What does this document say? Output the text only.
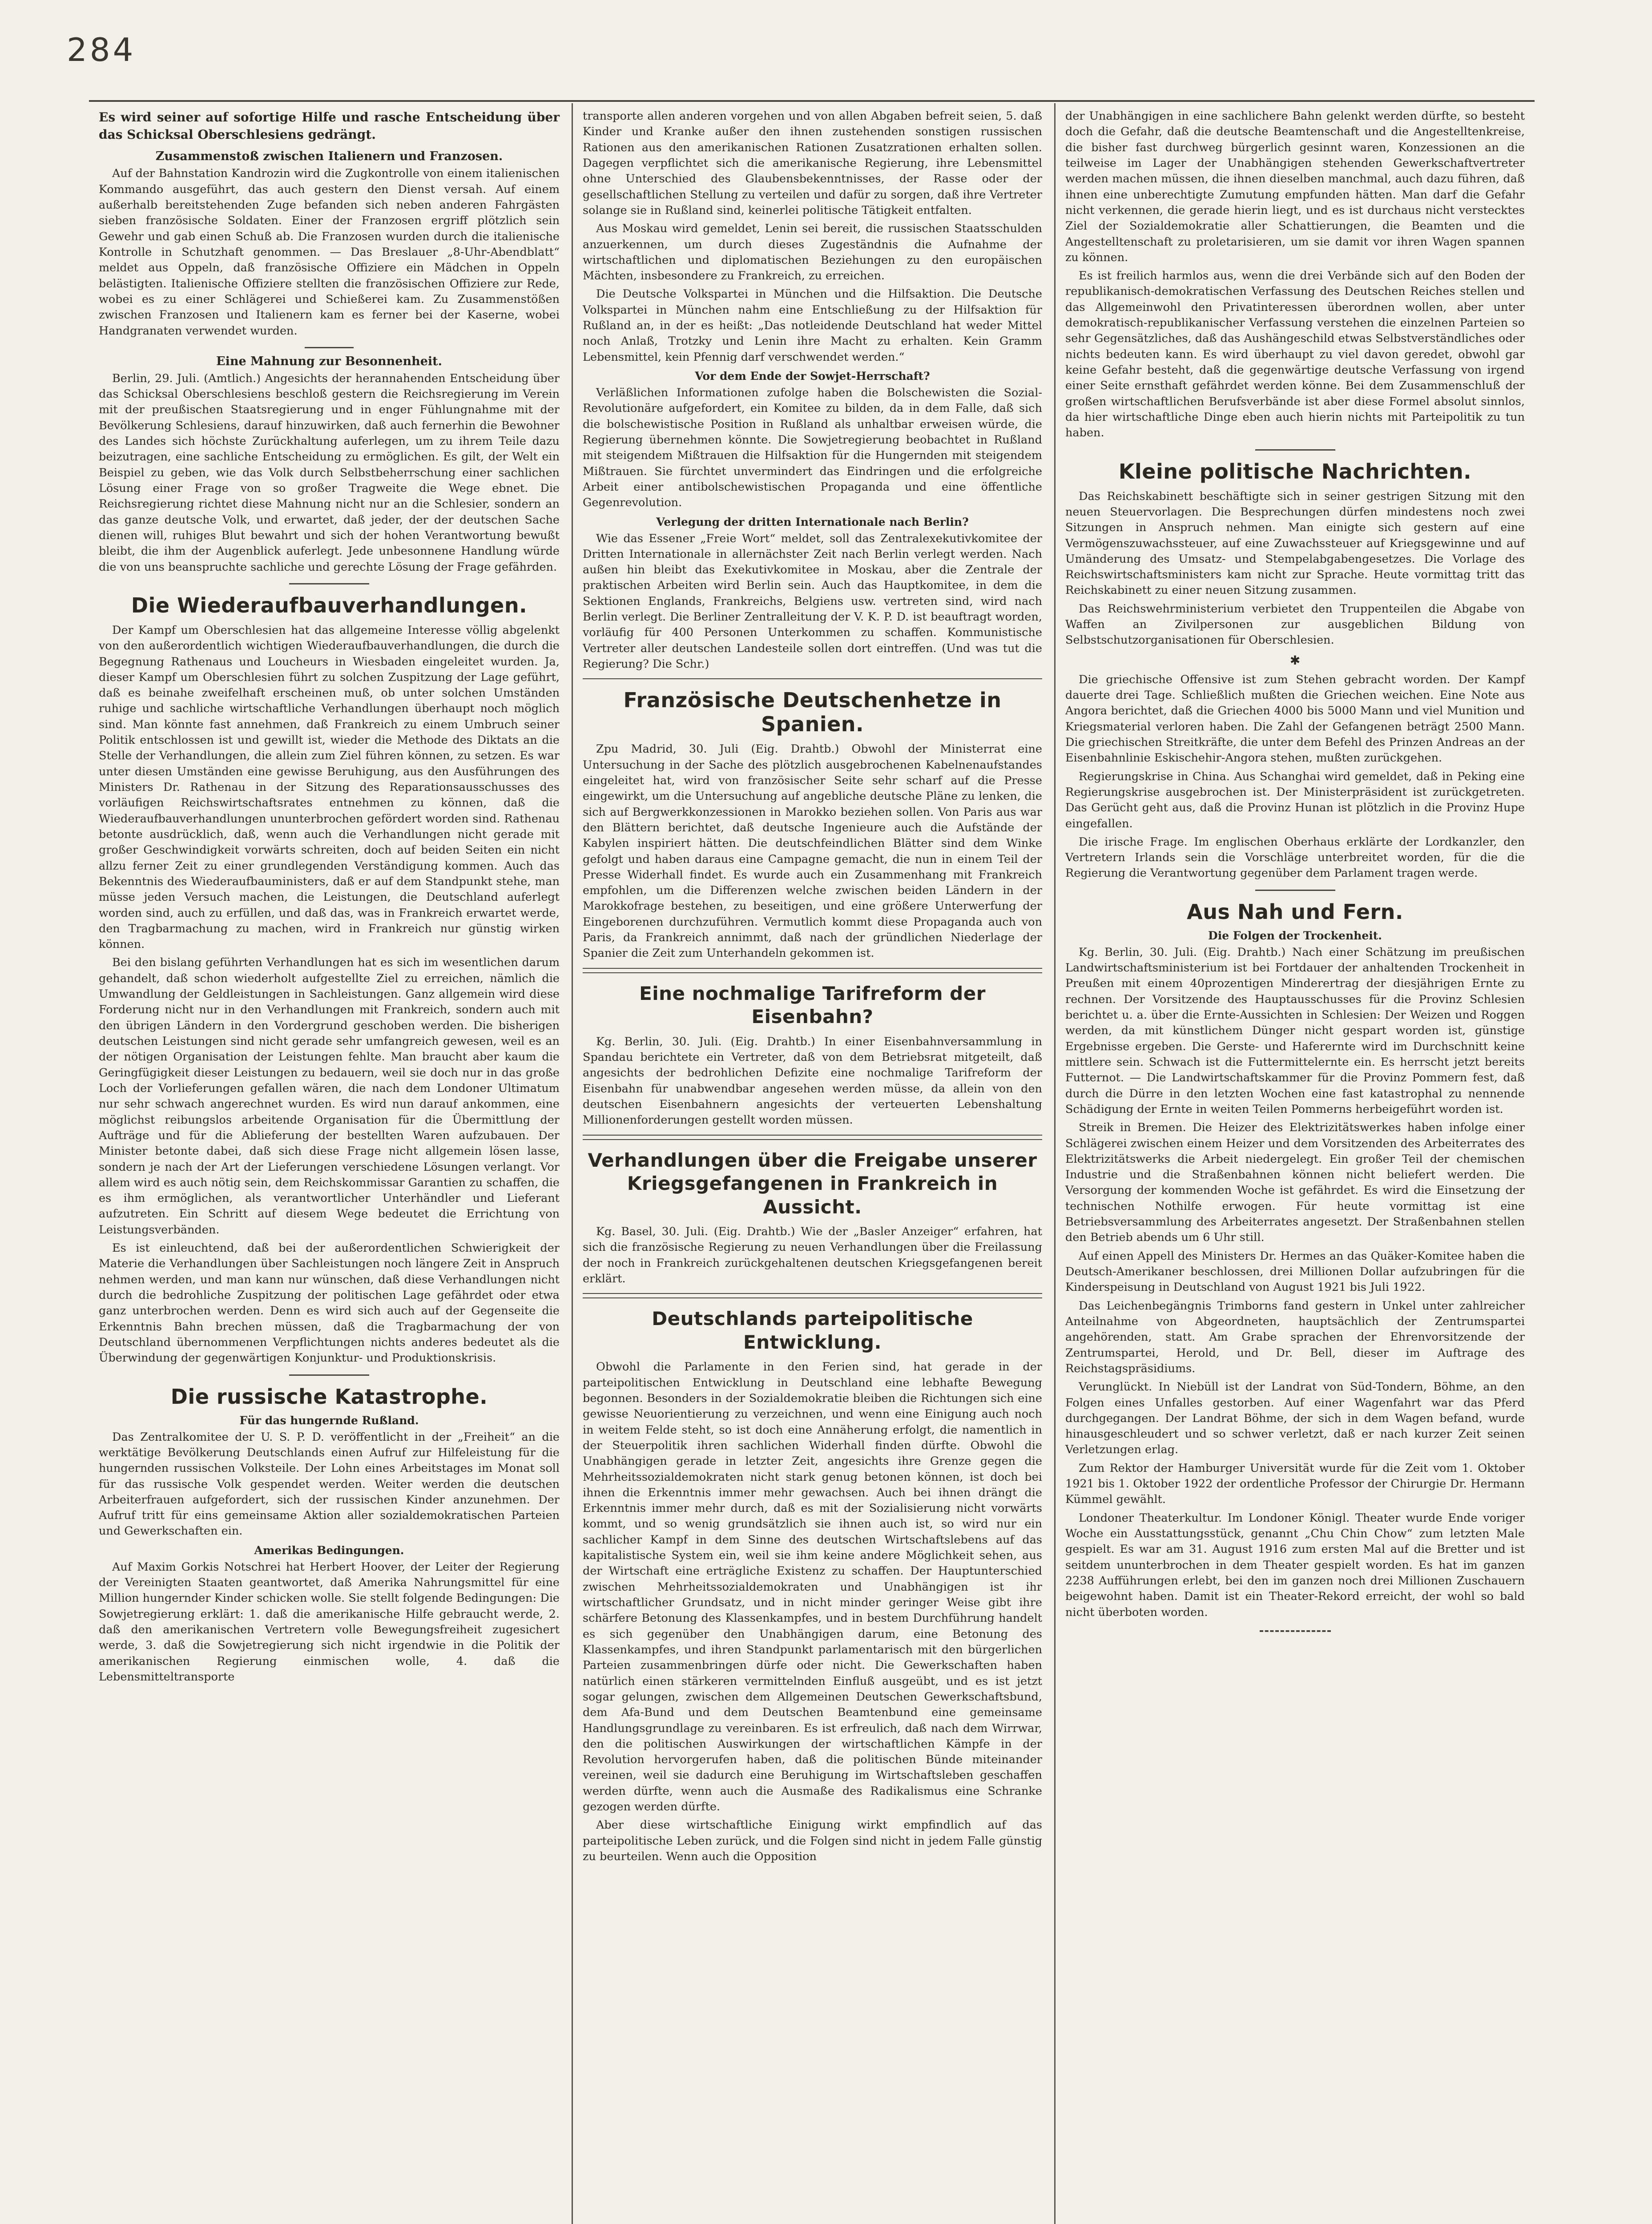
284

Es wird seiner auf sofortige Hilfe und rasche Entscheidung über das Schicksal Oberschlesiens gedrängt.

Zusammenstoß zwischen Italienern und Franzosen.

Auf der Bahnstation Kandrozin wird die Zugkontrolle von einem italienischen Kommando ausgeführt, das auch gestern den Dienst versah. Auf einem außerhalb bereitstehenden Zuge befanden sich neben anderen Fahrgästen sieben französische Soldaten. Einer der Franzosen ergriff plötzlich sein Gewehr und gab einen Schuß ab. Die Franzosen wurden durch die italienische Kontrolle in Schutzhaft genommen. — Das Breslauer „8-Uhr-Abendblatt“ meldet aus Oppeln, daß französische Offiziere ein Mädchen in Oppeln belästigten. Italienische Offiziere stellten die französischen Offiziere zur Rede, wobei es zu einer Schlägerei und Schießerei kam. Zu Zusammenstößen zwischen Franzosen und Italienern kam es ferner bei der Kaserne, wobei Handgranaten verwendet wurden.

Eine Mahnung zur Besonnenheit.

Berlin, 29. Juli. (Amtlich.) Angesichts der herannahenden Entscheidung über das Schicksal Oberschlesiens beschloß gestern die Reichsregierung im Verein mit der preußischen Staatsregierung und in enger Fühlungnahme mit der Bevölkerung Schlesiens, darauf hinzuwirken, daß auch fernerhin die Bewohner des Landes sich höchste Zurückhaltung auferlegen, um zu ihrem Teile dazu beizutragen, eine sachliche Entscheidung zu ermöglichen. Es gilt, der Welt ein Beispiel zu geben, wie das Volk durch Selbstbeherrschung einer sachlichen Lösung einer Frage von so großer Tragweite die Wege ebnet. Die Reichsregierung richtet diese Mahnung nicht nur an die Schlesier, sondern an das ganze deutsche Volk, und erwartet, daß jeder, der der deutschen Sache dienen will, ruhiges Blut bewahrt und sich der hohen Verantwortung bewußt bleibt, die ihm der Augenblick auferlegt. Jede unbesonnene Handlung würde die von uns beanspruchte sachliche und gerechte Lösung der Frage gefährden.

Die Wiederaufbauverhandlungen.

Der Kampf um Oberschlesien hat das allgemeine Interesse völlig abgelenkt von den außerordentlich wichtigen Wiederaufbauverhandlungen, die durch die Begegnung Rathenaus und Loucheurs in Wiesbaden eingeleitet wurden. Ja, dieser Kampf um Oberschlesien führt zu solchen Zuspitzung der Lage geführt, daß es beinahe zweifelhaft erscheinen muß, ob unter solchen Umständen ruhige und sachliche wirtschaftliche Verhandlungen überhaupt noch möglich sind. Man könnte fast annehmen, daß Frankreich zu einem Umbruch seiner Politik entschlossen ist und gewillt ist, wieder die Methode des Diktats an die Stelle der Verhandlungen, die allein zum Ziel führen können, zu setzen. Es war unter diesen Umständen eine gewisse Beruhigung, aus den Ausführungen des Ministers Dr. Rathenau in der Sitzung des Reparationsausschusses des vorläufigen Reichswirtschaftsrates entnehmen zu können, daß die Wiederaufbauverhandlungen ununterbrochen gefördert worden sind. Rathenau betonte ausdrücklich, daß, wenn auch die Verhandlungen nicht gerade mit großer Geschwindigkeit vorwärts schreiten, doch auf beiden Seiten ein nicht allzu ferner Zeit zu einer grundlegenden Verständigung kommen. Auch das Bekenntnis des Wiederaufbauministers, daß er auf dem Standpunkt stehe, man müsse jeden Versuch machen, die Leistungen, die Deutschland auferlegt worden sind, auch zu erfüllen, und daß das, was in Frankreich erwartet werde, den Tragbarmachung zu machen, wird in Frankreich nur günstig wirken können.

Bei den bislang geführten Verhandlungen hat es sich im wesentlichen darum gehandelt, daß schon wiederholt aufgestellte Ziel zu erreichen, nämlich die Umwandlung der Geldleistungen in Sachleistungen. Ganz allgemein wird diese Forderung nicht nur in den Verhandlungen mit Frankreich, sondern auch mit den übrigen Ländern in den Vordergrund geschoben werden. Die bisherigen deutschen Leistungen sind nicht gerade sehr umfangreich gewesen, weil es an der nötigen Organisation der Leistungen fehlte. Man braucht aber kaum die Geringfügigkeit dieser Leistungen zu bedauern, weil sie doch nur in das große Loch der Vorlieferungen gefallen wären, die nach dem Londoner Ultimatum nur sehr schwach angerechnet wurden. Es wird nun darauf ankommen, eine möglichst reibungslos arbeitende Organisation für die Übermittlung der Aufträge und für die Ablieferung der bestellten Waren aufzubauen. Der Minister betonte dabei, daß sich diese Frage nicht allgemein lösen lasse, sondern je nach der Art der Lieferungen verschiedene Lösungen verlangt. Vor allem wird es auch nötig sein, dem Reichskommissar Garantien zu schaffen, die es ihm ermöglichen, als verantwortlicher Unterhändler und Lieferant aufzutreten. Ein Schritt auf diesem Wege bedeutet die Errichtung von Leistungsverbänden.

Es ist einleuchtend, daß bei der außerordentlichen Schwierigkeit der Materie die Verhandlungen über Sachleistungen noch längere Zeit in Anspruch nehmen werden, und man kann nur wünschen, daß diese Verhandlungen nicht durch die bedrohliche Zuspitzung der politischen Lage gefährdet oder etwa ganz unterbrochen werden. Denn es wird sich auch auf der Gegenseite die Erkenntnis Bahn brechen müssen, daß die Tragbarmachung der von Deutschland übernommenen Verpflichtungen nichts anderes bedeutet als die Überwindung der gegenwärtigen Konjunktur- und Produktionskrisis.

Die russische Katastrophe.
Für das hungernde Rußland.

Das Zentralkomitee der U. S. P. D. veröffentlicht in der „Freiheit“ an die werktätige Bevölkerung Deutschlands einen Aufruf zur Hilfeleistung für die hungernden russischen Volksteile. Der Lohn eines Arbeitstages im Monat soll für das russische Volk gespendet werden. Weiter werden die deutschen Arbeiterfrauen aufgefordert, sich der russischen Kinder anzunehmen. Der Aufruf tritt für eins gemeinsame Aktion aller sozialdemokratischen Parteien und Gewerkschaften ein.

Amerikas Bedingungen.

Auf Maxim Gorkis Notschrei hat Herbert Hoover, der Leiter der Regierung der Vereinigten Staaten geantwortet, daß Amerika Nahrungsmittel für eine Million hungernder Kinder schicken wolle. Sie stellt folgende Bedingungen: Die Sowjetregierung erklärt: 1. daß die amerikanische Hilfe gebraucht werde, 2. daß den amerikanischen Vertretern volle Bewegungsfreiheit zugesichert werde, 3. daß die Sowjetregierung sich nicht irgendwie in die Politik der amerikanischen Regierung einmischen wolle, 4. daß die Lebensmitteltransporte

transporte allen anderen vorgehen und von allen Abgaben befreit seien, 5. daß Kinder und Kranke außer den ihnen zustehenden sonstigen russischen Rationen aus den amerikanischen Rationen Zusatzrationen erhalten sollen. Dagegen verpflichtet sich die amerikanische Regierung, ihre Lebensmittel ohne Unterschied des Glaubensbekenntnisses, der Rasse oder der gesellschaftlichen Stellung zu verteilen und dafür zu sorgen, daß ihre Vertreter solange sie in Rußland sind, keinerlei politische Tätigkeit entfalten.

Aus Moskau wird gemeldet, Lenin sei bereit, die russischen Staatsschulden anzuerkennen, um durch dieses Zugeständnis die Aufnahme der wirtschaftlichen und diplomatischen Beziehungen zu den europäischen Mächten, insbesondere zu Frankreich, zu erreichen.

Die Deutsche Volkspartei in München und die Hilfsaktion. Die Deutsche Volkspartei in München nahm eine Entschließung zu der Hilfsaktion für Rußland an, in der es heißt: „Das notleidende Deutschland hat weder Mittel noch Anlaß, Trotzky und Lenin ihre Macht zu erhalten. Kein Gramm Lebensmittel, kein Pfennig darf verschwendet werden.“

Vor dem Ende der Sowjet-Herrschaft?

Verläßlichen Informationen zufolge haben die Bolschewisten die Sozial-Revolutionäre aufgefordert, ein Komitee zu bilden, da in dem Falle, daß sich die bolschewistische Position in Rußland als unhaltbar erweisen würde, die Regierung übernehmen könnte. Die Sowjetregierung beobachtet in Rußland mit steigendem Mißtrauen die Hilfsaktion für die Hungernden mit steigendem Mißtrauen. Sie fürchtet unvermindert das Eindringen und die erfolgreiche Arbeit einer antibolschewistischen Propaganda und eine öffentliche Gegenrevolution.

Verlegung der dritten Internationale nach Berlin?

Wie das Essener „Freie Wort“ meldet, soll das Zentralexekutivkomitee der Dritten Internationale in allernächster Zeit nach Berlin verlegt werden. Nach außen hin bleibt das Exekutivkomitee in Moskau, aber die Zentrale der praktischen Arbeiten wird Berlin sein. Auch das Hauptkomitee, in dem die Sektionen Englands, Frankreichs, Belgiens usw. vertreten sind, wird nach Berlin verlegt. Die Berliner Zentralleitung der V. K. P. D. ist beauftragt worden, vorläufig für 400 Personen Unterkommen zu schaffen. Kommunistische Vertreter aller deutschen Landesteile sollen dort eintreffen. (Und was tut die Regierung? Die Schr.)

Französische Deutschenhetze in Spanien.

Zpu Madrid, 30. Juli (Eig. Drahtb.) Obwohl der Ministerrat eine Untersuchung in der Sache des plötzlich ausgebrochenen Kabelnenaufstandes eingeleitet hat, wird von französischer Seite sehr scharf auf die Presse eingewirkt, um die Untersuchung auf angebliche deutsche Pläne zu lenken, die sich auf Bergwerkkonzessionen in Marokko beziehen sollen. Von Paris aus war den Blättern berichtet, daß deutsche Ingenieure auch die Aufstände der Kabylen inspiriert hätten. Die deutschfeindlichen Blätter sind dem Winke gefolgt und haben daraus eine Campagne gemacht, die nun in einem Teil der Presse Widerhall findet. Es wurde auch ein Zusammenhang mit Frankreich empfohlen, um die Differenzen welche zwischen beiden Ländern in der Marokkofrage bestehen, zu beseitigen, und eine größere Unterwerfung der Eingeborenen durchzuführen. Vermutlich kommt diese Propaganda auch von Paris, da Frankreich annimmt, daß nach der gründlichen Niederlage der Spanier die Zeit zum Unterhandeln gekommen ist.

Eine nochmalige Tarifreform der Eisenbahn?

Kg. Berlin, 30. Juli. (Eig. Drahtb.) In einer Eisenbahnversammlung in Spandau berichtete ein Vertreter, daß von dem Betriebsrat mitgeteilt, daß angesichts der bedrohlichen Defizite eine nochmalige Tarifreform der Eisenbahn für unabwendbar angesehen werden müsse, da allein von den deutschen Eisenbahnern angesichts der verteuerten Lebenshaltung Millionenforderungen gestellt worden müssen.

Verhandlungen über die Freigabe unserer Kriegsgefangenen in Frankreich in Aussicht.

Kg. Basel, 30. Juli. (Eig. Drahtb.) Wie der „Basler Anzeiger“ erfahren, hat sich die französische Regierung zu neuen Verhandlungen über die Freilassung der noch in Frankreich zurückgehaltenen deutschen Kriegsgefangenen bereit erklärt.

Deutschlands parteipolitische Entwicklung.

Obwohl die Parlamente in den Ferien sind, hat gerade in der parteipolitischen Entwicklung in Deutschland eine lebhafte Bewegung begonnen. Besonders in der Sozialdemokratie bleiben die Richtungen sich eine gewisse Neuorientierung zu verzeichnen, und wenn eine Einigung auch noch in weitem Felde steht, so ist doch eine Annäherung erfolgt, die namentlich in der Steuerpolitik ihren sachlichen Widerhall finden dürfte. Obwohl die Unabhängigen gerade in letzter Zeit, angesichts ihre Grenze gegen die Mehrheitssozialdemokraten nicht stark genug betonen können, ist doch bei ihnen die Erkenntnis immer mehr gewachsen. Auch bei ihnen drängt die Erkenntnis immer mehr durch, daß es mit der Sozialisierung nicht vorwärts kommt, und so wenig grundsätzlich sie ihnen auch ist, so wird nur ein sachlicher Kampf in dem Sinne des deutschen Wirtschaftslebens auf das kapitalistische System ein, weil sie ihm keine andere Möglichkeit sehen, aus der Wirtschaft eine erträgliche Existenz zu schaffen. Der Hauptunterschied zwischen Mehrheitssozialdemokraten und Unabhängigen ist ihr wirtschaftlicher Grundsatz, und in nicht minder geringer Weise gibt ihre schärfere Betonung des Klassenkampfes, und in bestem Durchführung handelt es sich gegenüber den Unabhängigen darum, eine Betonung des Klassenkampfes, und ihren Standpunkt parlamentarisch mit den bürgerlichen Parteien zusammenbringen dürfe oder nicht. Die Gewerkschaften haben natürlich einen stärkeren vermittelnden Einfluß ausgeübt, und es ist jetzt sogar gelungen, zwischen dem Allgemeinen Deutschen Gewerkschaftsbund, dem Afa-Bund und dem Deutschen Beamtenbund eine gemeinsame Handlungsgrundlage zu vereinbaren. Es ist erfreulich, daß nach dem Wirrwar, den die politischen Auswirkungen der wirtschaftlichen Kämpfe in der Revolution hervorgerufen haben, daß die politischen Bünde miteinander vereinen, weil sie dadurch eine Beruhigung im Wirtschaftsleben geschaffen werden dürfte, wenn auch die Ausmaße des Radikalismus eine Schranke gezogen werden dürfte.

Aber diese wirtschaftliche Einigung wirkt empfindlich auf das parteipolitische Leben zurück, und die Folgen sind nicht in jedem Falle günstig zu beurteilen. Wenn auch die Opposition

der Unabhängigen in eine sachlichere Bahn gelenkt werden dürfte, so besteht doch die Gefahr, daß die deutsche Beamtenschaft und die Angestelltenkreise, die bisher fast durchweg bürgerlich gesinnt waren, Konzessionen an die teilweise im Lager der Unabhängigen stehenden Gewerkschaftvertreter werden machen müssen, die ihnen dieselben manchmal, auch dazu führen, daß ihnen eine unberechtigte Zumutung empfunden hätten. Man darf die Gefahr nicht verkennen, die gerade hierin liegt, und es ist durchaus nicht verstecktes Ziel der Sozialdemokratie aller Schattierungen, die Beamten und die Angestelltenschaft zu proletarisieren, um sie damit vor ihren Wagen spannen zu können.

Es ist freilich harmlos aus, wenn die drei Verbände sich auf den Boden der republikanisch-demokratischen Verfassung des Deutschen Reiches stellen und das Allgemeinwohl den Privatinteressen überordnen wollen, aber unter demokratisch-republikanischer Verfassung verstehen die einzelnen Parteien so sehr Gegensätzliches, daß das Aushängeschild etwas Selbstverständliches oder nichts bedeuten kann. Es wird überhaupt zu viel davon geredet, obwohl gar keine Gefahr besteht, daß die gegenwärtige deutsche Verfassung von irgend einer Seite ernsthaft gefährdet werden könne. Bei dem Zusammenschluß der großen wirtschaftlichen Berufsverbände ist aber diese Formel absolut sinnlos, da hier wirtschaftliche Dinge eben auch hierin nichts mit Parteipolitik zu tun haben.

Kleine politische Nachrichten.

Das Reichskabinett beschäftigte sich in seiner gestrigen Sitzung mit den neuen Steuervorlagen. Die Besprechungen dürfen mindestens noch zwei Sitzungen in Anspruch nehmen. Man einigte sich gestern auf eine Vermögenszuwachssteuer, auf eine Zuwachssteuer auf Kriegsgewinne und auf Umänderung des Umsatz- und Stempelabgabengesetzes. Die Vorlage des Reichswirtschaftsministers kam nicht zur Sprache. Heute vormittag tritt das Reichskabinett zu einer neuen Sitzung zusammen.

Das Reichswehrministerium verbietet den Truppenteilen die Abgabe von Waffen an Zivilpersonen zur ausgeblichen Bildung von Selbstschutzorganisationen für Oberschlesien.

✱

Die griechische Offensive ist zum Stehen gebracht worden. Der Kampf dauerte drei Tage. Schließlich mußten die Griechen weichen. Eine Note aus Angora berichtet, daß die Griechen 4000 bis 5000 Mann und viel Munition und Kriegsmaterial verloren haben. Die Zahl der Gefangenen beträgt 2500 Mann. Die griechischen Streitkräfte, die unter dem Befehl des Prinzen Andreas an der Eisenbahnlinie Eskischehir-Angora stehen, mußten zurückgehen.

Regierungskrise in China. Aus Schanghai wird gemeldet, daß in Peking eine Regierungskrise ausgebrochen ist. Der Ministerpräsident ist zurückgetreten. Das Gerücht geht aus, daß die Provinz Hunan ist plötzlich in die Provinz Hupe eingefallen.

Die irische Frage. Im englischen Oberhaus erklärte der Lordkanzler, den Vertretern Irlands sein die Vorschläge unterbreitet worden, für die die Regierung die Verantwortung gegenüber dem Parlament tragen werde.

Aus Nah und Fern.
Die Folgen der Trockenheit.

Kg. Berlin, 30. Juli. (Eig. Drahtb.) Nach einer Schätzung im preußischen Landwirtschaftsministerium ist bei Fortdauer der anhaltenden Trockenheit in Preußen mit einem 40prozentigen Minderertrag der diesjährigen Ernte zu rechnen. Der Vorsitzende des Hauptausschusses für die Provinz Schlesien berichtet u. a. über die Ernte-Aussichten in Schlesien: Der Weizen und Roggen werden, da mit künstlichem Dünger nicht gespart worden ist, günstige Ergebnisse ergeben. Die Gerste- und Haferernte wird im Durchschnitt keine mittlere sein. Schwach ist die Futtermittelernte ein. Es herrscht jetzt bereits Futternot. — Die Landwirtschaftskammer für die Provinz Pommern fest, daß durch die Dürre in den letzten Wochen eine fast katastrophal zu nennende Schädigung der Ernte in weiten Teilen Pommerns herbeigeführt worden ist.

Streik in Bremen. Die Heizer des Elektrizitätswerkes haben infolge einer Schlägerei zwischen einem Heizer und dem Vorsitzenden des Arbeiterrates des Elektrizitätswerks die Arbeit niedergelegt. Ein großer Teil der chemischen Industrie und die Straßenbahnen können nicht beliefert werden. Die Versorgung der kommenden Woche ist gefährdet. Es wird die Einsetzung der technischen Nothilfe erwogen. Für heute vormittag ist eine Betriebsversammlung des Arbeiterrates angesetzt. Der Straßenbahnen stellen den Betrieb abends um 6 Uhr still.

Auf einen Appell des Ministers Dr. Hermes an das Quäker-Komitee haben die Deutsch-Amerikaner beschlossen, drei Millionen Dollar aufzubringen für die Kinderspeisung in Deutschland von August 1921 bis Juli 1922.

Das Leichenbegängnis Trimborns fand gestern in Unkel unter zahlreicher Anteilnahme von Abgeordneten, hauptsächlich der Zentrumspartei angehörenden, statt. Am Grabe sprachen der Ehrenvorsitzende der Zentrumspartei, Herold, und Dr. Bell, dieser im Auftrage des Reichstagspräsidiums.

Verunglückt. In Niebüll ist der Landrat von Süd-Tondern, Böhme, an den Folgen eines Unfalles gestorben. Auf einer Wagenfahrt war das Pferd durchgegangen. Der Landrat Böhme, der sich in dem Wagen befand, wurde hinausgeschleudert und so schwer verletzt, daß er nach kurzer Zeit seinen Verletzungen erlag.

Zum Rektor der Hamburger Universität wurde für die Zeit vom 1. Oktober 1921 bis 1. Oktober 1922 der ordentliche Professor der Chirurgie Dr. Hermann Kümmel gewählt.

Londoner Theaterkultur. Im Londoner Königl. Theater wurde Ende voriger Woche ein Ausstattungsstück, genannt „Chu Chin Chow“ zum letzten Male gespielt. Es war am 31. August 1916 zum ersten Mal auf die Bretter und ist seitdem ununterbrochen in dem Theater gespielt worden. Es hat im ganzen 2238 Aufführungen erlebt, bei den im ganzen noch drei Millionen Zuschauern beigewohnt haben. Damit ist ein Theater-Rekord erreicht, der wohl so bald nicht überboten worden.
